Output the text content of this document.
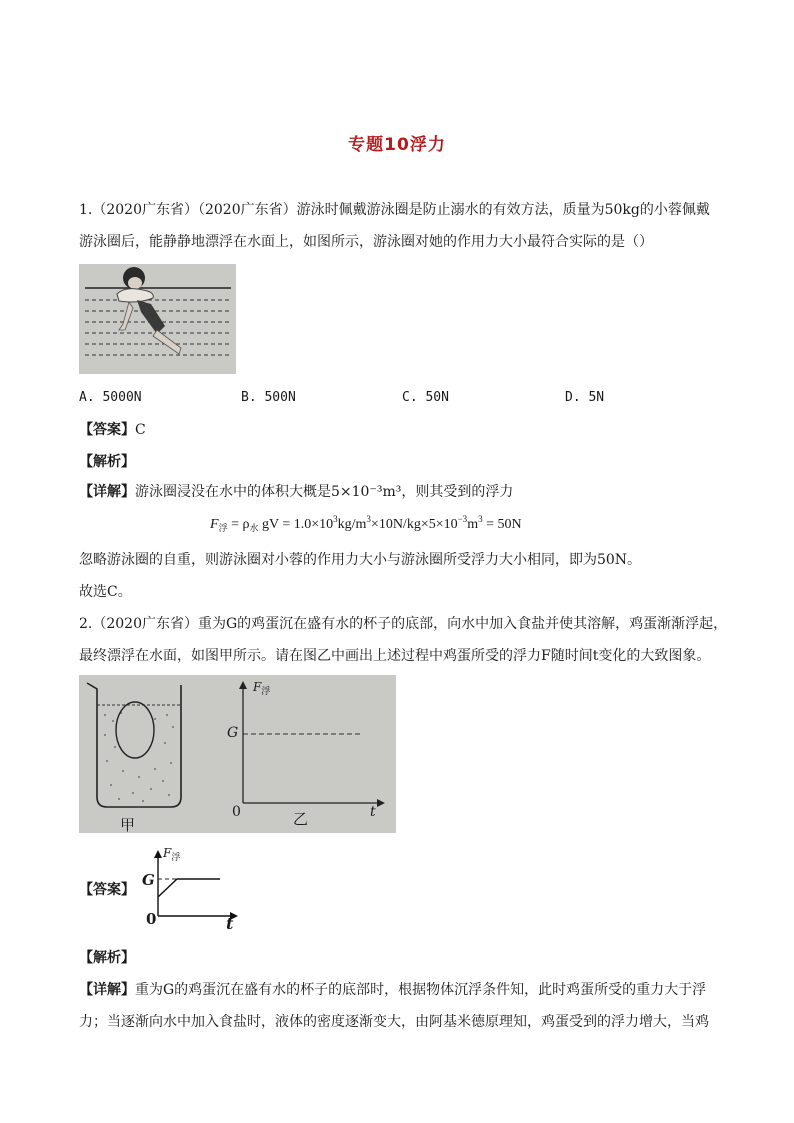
专题10浮力
1.（2020广东省）（2020广东省）游泳时佩戴游泳圈是防止溺水的有效方法，质量为50kg的小蓉佩戴
游泳圈后，能静静地漂浮在水面上，如图所示，游泳圈对她的作用力大小最符合实际的是（）
A. 5000N	B. 500N	C. 50N	D. 5N
【答案】C
【解析】
【详解】游泳圈浸没在水中的体积大概是5×10⁻³m³，则其受到的浮力
$F_浮 = \rho_水$ gV = $1.0\times 10^3kg/m^3\times 10N/kg\times 5\times 10^{-3}m^3 = 50N$
忽略游泳圈的自重，则游泳圈对小蓉的作用力大小与游泳圈所受浮力大小相同，即为50N。
故选C。
2.（2020广东省）重为G的鸡蛋沉在盛有水的杯子的底部，向水中加入食盐并使其溶解，鸡蛋渐渐浮起，
最终漂浮在水面，如图甲所示。请在图乙中画出上述过程中鸡蛋所受的浮力F随时间t变化的大致图象。
$F_浮$
G
0	t
甲	乙
【答案】
$F_浮$
G
0	t
【解析】
【详解】重为G的鸡蛋沉在盛有水的杯子的底部时，根据物体沉浮条件知，此时鸡蛋所受的重力大于浮
力；当逐渐向水中加入食盐时，液体的密度逐渐变大，由阿基米德原理知，鸡蛋受到的浮力增大，当鸡
